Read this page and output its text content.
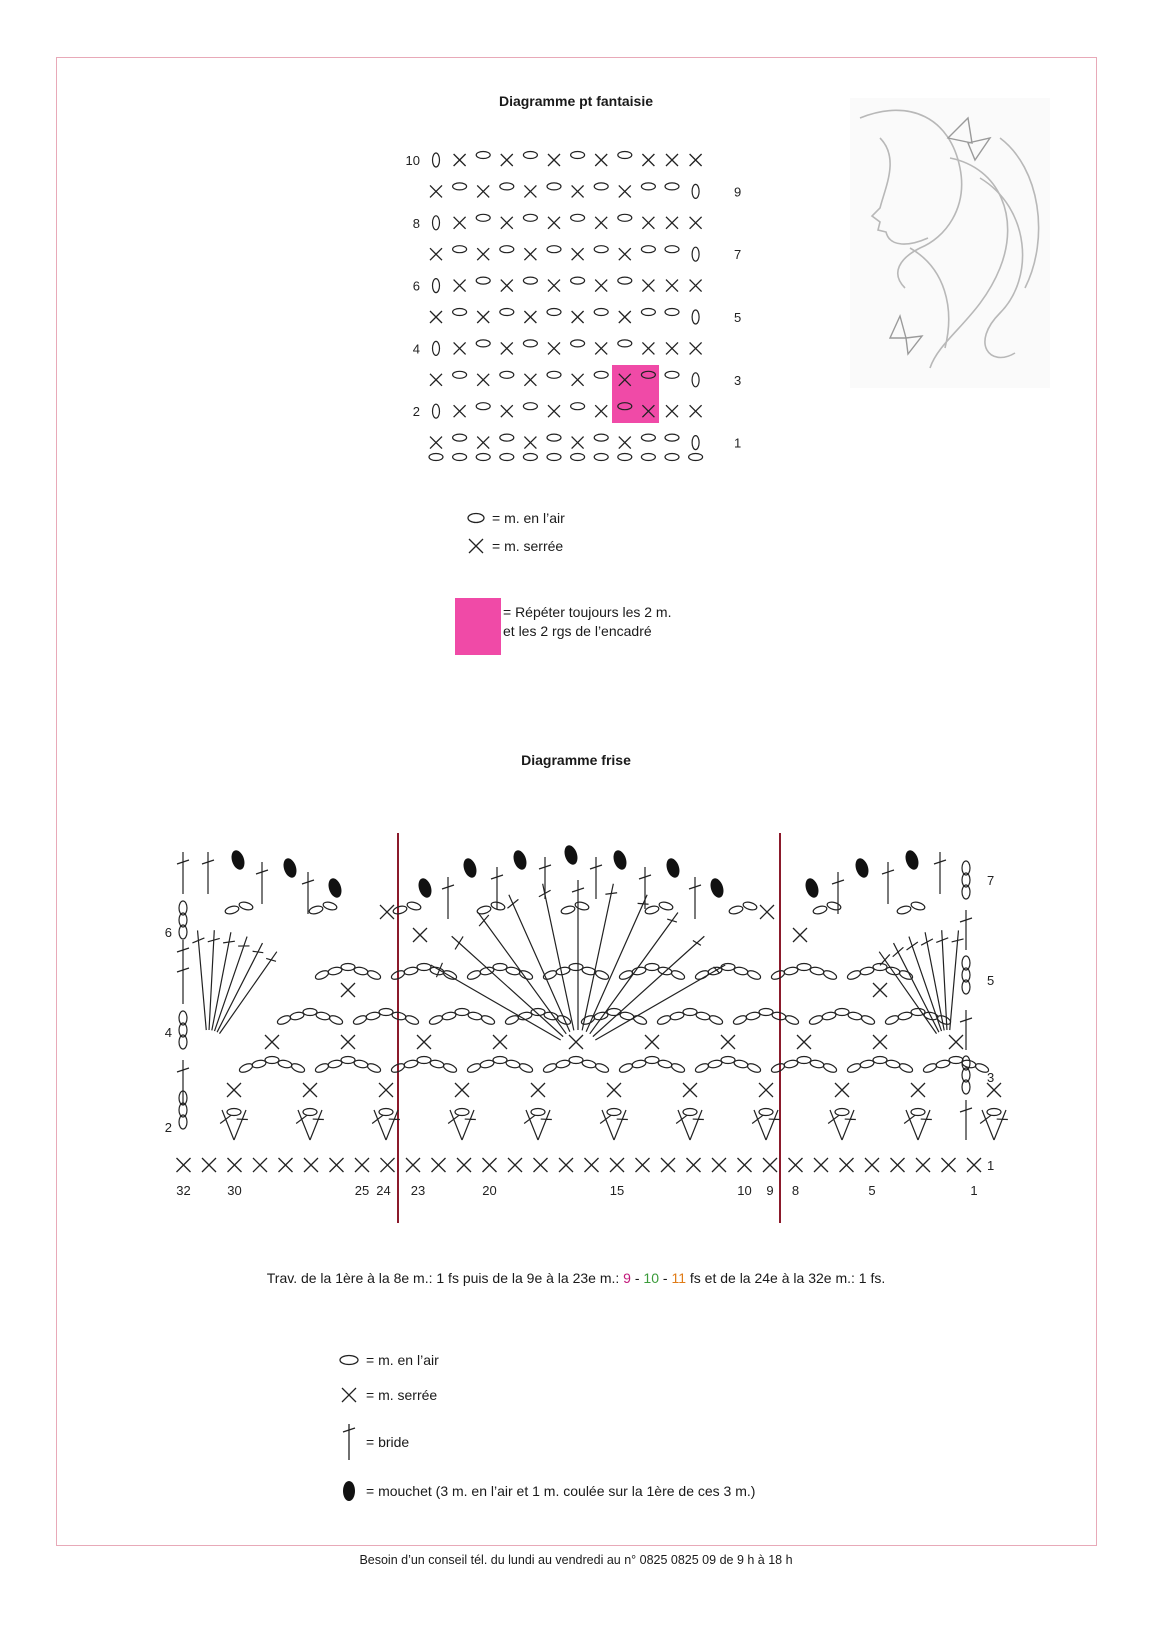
Diagramme pt fantaisie
10
9
8
7
6
5
4
3
2
1
= m. en l’air
= m. serrée
= Répéter toujours les 2 m.
et les 2 rgs de l’encadré
Diagramme frise
1
32	30	25 24 23	20	15	10 9 8	5	1
7
6
5
4
3
2
Trav. de la 1ère à la 8e m.: 1 fs puis de la 9e à la 23e m.: 9 - 10 - 11 fs et de la 24e à la 32e m.: 1 fs.
= m. en l’air
= m. serrée
= bride
= mouchet (3 m. en l’air et 1 m. coulée sur la 1ère de ces 3 m.)
Besoin d’un conseil tél. du lundi au vendredi au n° 0825 0825 09 de 9 h à 18 h
